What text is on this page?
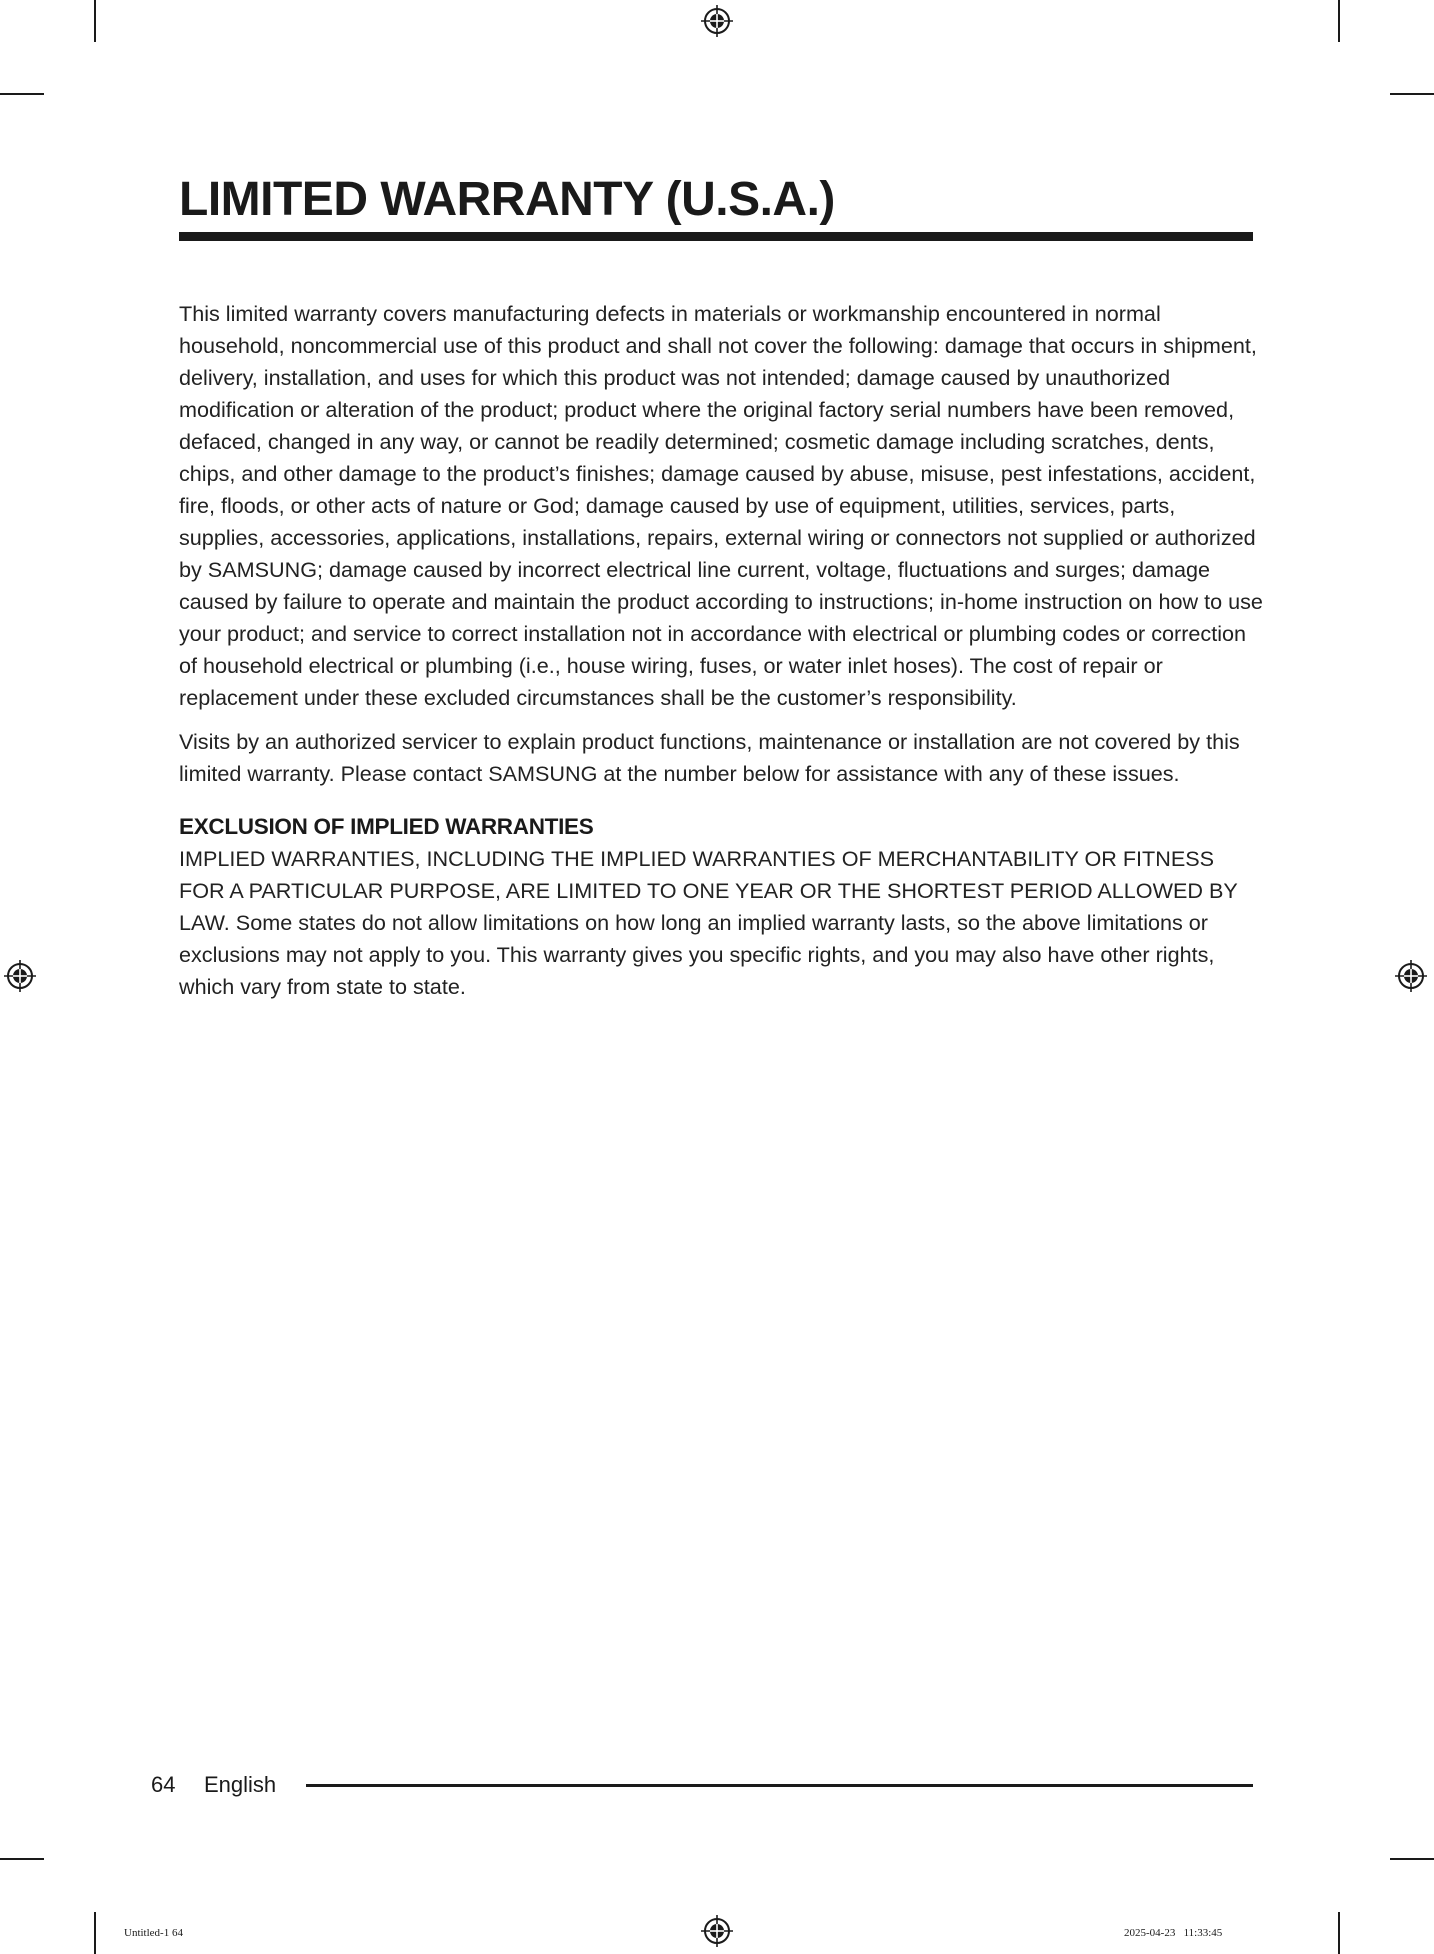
LIMITED WARRANTY (U.S.A.)

This limited warranty covers manufacturing defects in materials or workmanship encountered in normal household, noncommercial use of this product and shall not cover the following: damage that occurs in shipment, delivery, installation, and uses for which this product was not intended; damage caused by unauthorized modification or alteration of the product; product where the original factory serial numbers have been removed, defaced, changed in any way, or cannot be readily determined; cosmetic damage including scratches, dents, chips, and other damage to the product’s finishes; damage caused by abuse, misuse, pest infestations, accident, fire, floods, or other acts of nature or God; damage caused by use of equipment, utilities, services, parts, supplies, accessories, applications, installations, repairs, external wiring or connectors not supplied or authorized by SAMSUNG; damage caused by incorrect electrical line current, voltage, fluctuations and surges; damage caused by failure to operate and maintain the product according to instructions; in-home instruction on how to use your product; and service to correct installation not in accordance with electrical or plumbing codes or correction of household electrical or plumbing (i.e., house wiring, fuses, or water inlet hoses). The cost of repair or replacement under these excluded circumstances shall be the customer’s responsibility.

Visits by an authorized servicer to explain product functions, maintenance or installation are not covered by this limited warranty. Please contact SAMSUNG at the number below for assistance with any of these issues.

EXCLUSION OF IMPLIED WARRANTIES

IMPLIED WARRANTIES, INCLUDING THE IMPLIED WARRANTIES OF MERCHANTABILITY OR FITNESS FOR A PARTICULAR PURPOSE, ARE LIMITED TO ONE YEAR OR THE SHORTEST PERIOD ALLOWED BY LAW. Some states do not allow limitations on how long an implied warranty lasts, so the above limitations or exclusions may not apply to you. This warranty gives you specific rights, and you may also have other rights, which vary from state to state.

64 English
Untitled-1 64	2025-04-23   11:33:45
